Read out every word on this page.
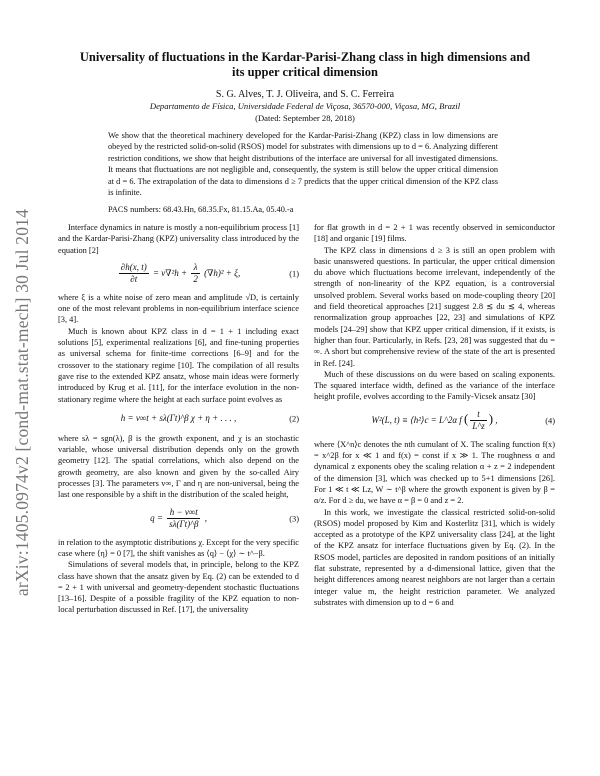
arXiv:1405.0974v2 [cond-mat.stat-mech] 30 Jul 2014
Universality of fluctuations in the Kardar-Parisi-Zhang class in high dimensions and
its upper critical dimension
S. G. Alves, T. J. Oliveira, and S. C. Ferreira
Departamento de Física, Universidade Federal de Viçosa, 36570-000, Viçosa, MG, Brazil
(Dated: September 28, 2018)
We show that the theoretical machinery developed for the Kardar-Parisi-Zhang (KPZ) class in low dimensions are obeyed by the restricted solid-on-solid (RSOS) model for substrates with dimensions up to d = 6. Analyzing different restriction conditions, we show that height distributions of the interface are universal for all investigated dimensions. It means that fluctuations are not negligible and, consequently, the system is still below the upper critical dimension at d = 6. The extrapolation of the data to dimensions d ≥ 7 predicts that the upper critical dimension of the KPZ class is infinite.
PACS numbers: 68.43.Hn, 68.35.Fx, 81.15.Aa, 05.40.-a

Interface dynamics in nature is mostly a non-equilibrium process [1] and the Kardar-Parisi-Zhang (KPZ) universality class introduced by the equation [2]

$\frac{\partial h(x, t)}{\partial t} = \nu\nabla^2h + \frac{\lambda}{2} (\nabla h)^2 + \xi$,	(1)

where ξ is a white noise of zero mean and amplitude √D, is certainly one of the most relevant problems in non-equilibrium interface science [3, 4].

Much is known about KPZ class in d = 1 + 1 including exact solutions [5], experimental realizations [6], and fine-tuning properties as universal schema for finite-time corrections [6–9] and for the crossover to the stationary regime [10]. The compilation of all results gave rise to the extended KPZ ansatz, whose main ideas were formerly introduced by Krug et al. [11], for the interface evolution in the non-stationary regime where the height at each surface point evolves as

h = v∞t + sλ(Γt)^β χ + η + . . . ,	(2)

where sλ = sgn(λ), β is the growth exponent, and χ is an stochastic variable, whose universal distribution depends only on the growth geometry [12]. The spatial correlations, which also depend on the growth geometry, are also known and given by the so-called Airy processes [3]. The parameters v∞, Γ and η are non-universal, being the last one responsible by a shift in the distribution of the scaled height,

$q = \frac{h - v\infty t}{s\lambda(\Gamma t)\^{}\beta}$ ,	(3)

in relation to the asymptotic distributions χ. Except for the very specific case where ⟨η⟩ = 0 [7], the shift vanishes as ⟨q⟩ − ⟨χ⟩ ∼ t^−β.

Simulations of several models that, in principle, belong to the KPZ class have shown that the ansatz given by Eq. (2) can be extended to d = 2 + 1 with universal and geometry-dependent stochastic fluctuations [13–16]. Despite of a possible fragility of the KPZ equation to non-local perturbation discussed in Ref. [17], the universality

for flat growth in d = 2 + 1 was recently observed in semiconductor [18] and organic [19] films.

The KPZ class in dimensions d ≥ 3 is still an open problem with basic unanswered questions. In particular, the upper critical dimension du above which fluctuations become irrelevant, independently of the strength of non-linearity of the KPZ equation, is a controversial unsolved problem. Several works based on mode-coupling theory [20] and field theoretical approaches [21] suggest 2.8 ≲ du ≲ 4, whereas renormalization group approaches [22, 23] and simulations of KPZ models [24–29] show that KPZ upper critical dimension, if it exists, is higher than four. Particularly, in Refs. [23, 28] was suggested that du = ∞. A short but comprehensive review of the state of the art is presented in Ref. [24].

Much of these discussions on du were based on scaling exponents. The squared interface width, defined as the variance of the interface height profile, evolves according to the Family-Vicsek ansatz [30]

W²(L, t) ≡ ⟨h²⟩c = L^2α f ( $\frac{t}{L\^{}z}$ ) ,	(4)

where ⟨X^n⟩c denotes the nth cumulant of X. The scaling function f(x) = x^2β for x ≪ 1 and f(x) = const if x ≫ 1. The roughness α and dynamical z exponents obey the scaling relation α + z = 2 independent of the dimension [3], which was checked up to 5+1 dimensions [26]. For 1 ≪ t ≪ Lz, W ∼ t^β where the growth exponent is given by β = α/z. For d ≥ du, we have α = β = 0 and z = 2.

In this work, we investigate the classical restricted solid-on-solid (RSOS) model proposed by Kim and Kosterlitz [31], which is widely accepted as a prototype of the KPZ universality class [24], at the light of the KPZ ansatz for interface fluctuations given by Eq. (2). In the RSOS model, particles are deposited in random positions of an initially flat substrate, represented by a d-dimensional lattice, given that the height differences among nearest neighbors are not larger than a certain integer value m, the height restriction parameter. We analyzed substrates with dimension up to d = 6 and
